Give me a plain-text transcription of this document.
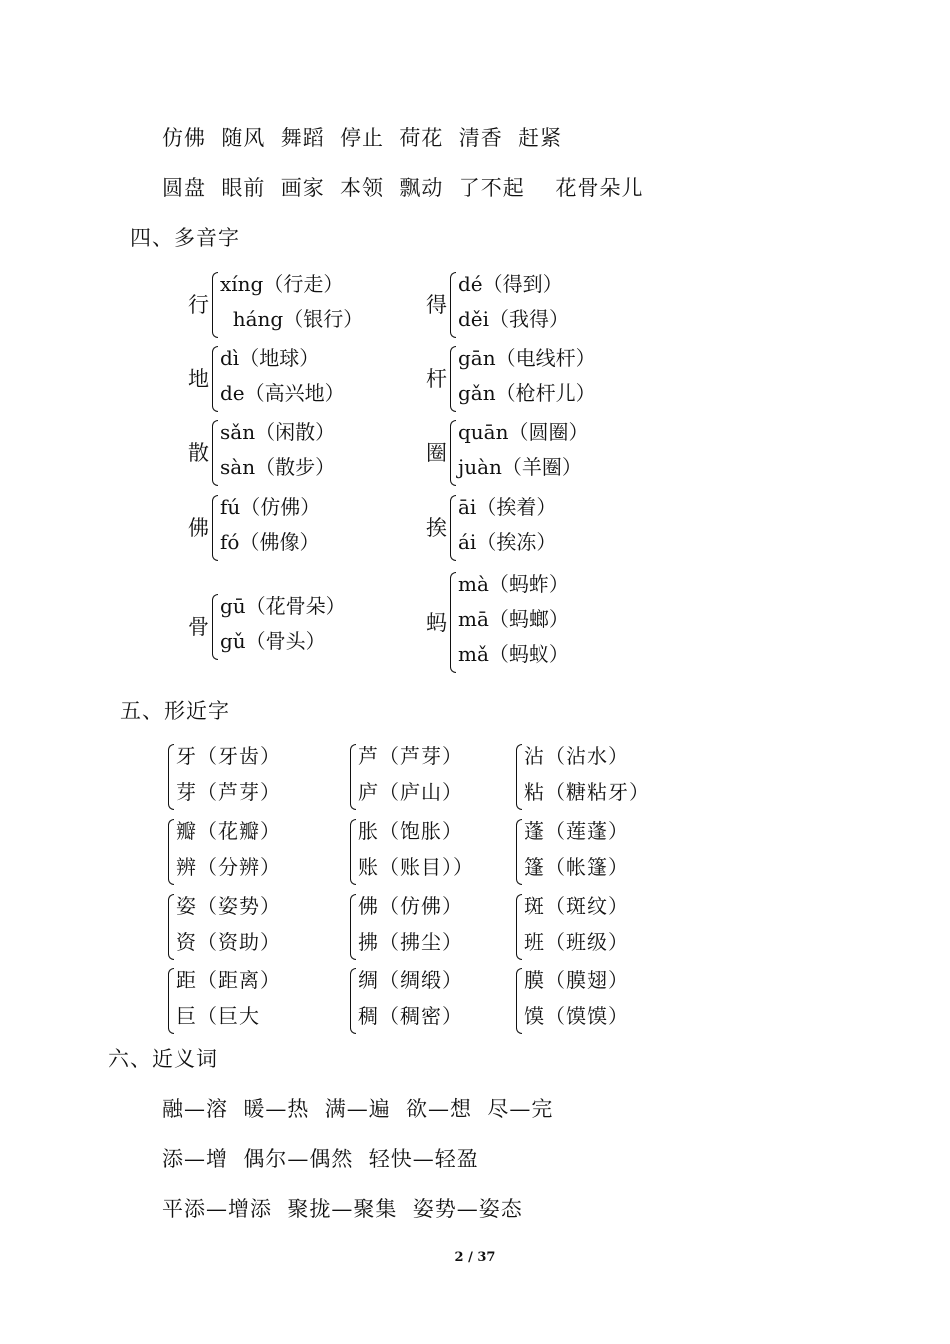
仿佛  随风  舞蹈  停止  荷花  清香  赶紧
圆盘  眼前  画家  本领  飘动  了不起    花骨朵儿
四、多音字
行
xíng（行走）
háng（银行）
得
dé（得到）
děi（我得）
地
dì（地球）
de（高兴地）
杆
gān（电线杆）
gǎn（枪杆儿）
散
sǎn（闲散）
sàn（散步）
圈
quān（圆圈）
juàn（羊圈）
佛
fú（仿佛）
fó（佛像）
挨
āi（挨着）
ái（挨冻）
骨
gū（花骨朵）
gǔ（骨头）
蚂
mà（蚂蚱）
mā（蚂螂）
mǎ（蚂蚁）
五、形近字
牙（牙齿）
芽（芦芽）
芦（芦芽）
庐（庐山）
沾（沾水）
粘（糖粘牙）
瓣（花瓣）
辨（分辨）
胀（饱胀）
账（账目））
蓬（莲蓬）
篷（帐篷）
姿（姿势）
资（资助）
佛（仿佛）
拂（拂尘）
斑（斑纹）
班（班级）
距（距离）
巨（巨大
绸（绸缎）
稠（稠密）
膜（膜翅）
馍（馍馍）
六、近义词
融—溶  暖—热  满—遍  欲—想  尽—完
添—增  偶尔—偶然  轻快—轻盈
平添—增添  聚拢—聚集  姿势—姿态
2 / 37
